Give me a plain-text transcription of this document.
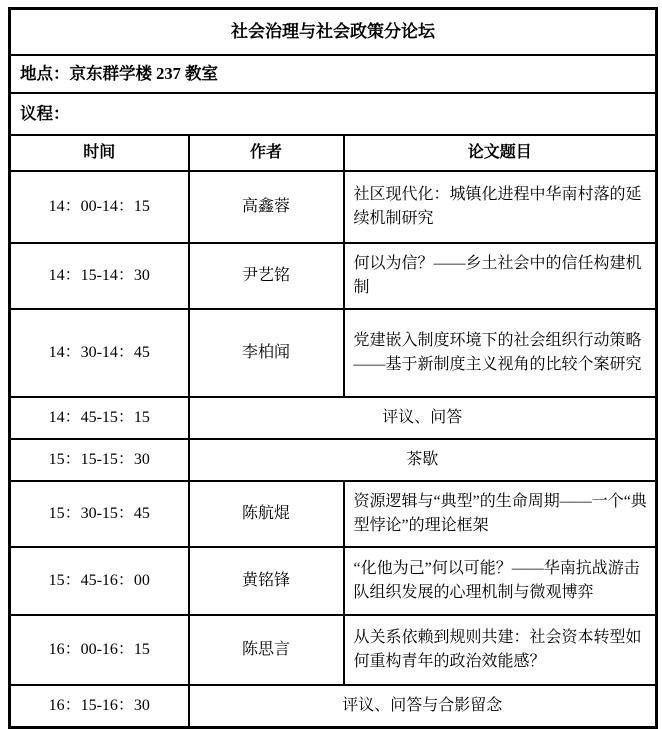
社会治理与社会政策分论坛		
地点：京东群学楼 237 教室		
议程：		
时间	作者	论文题目
14：00-14：15	高鑫蓉	社区现代化：城镇化进程中华南村落的延续机制研究
14：15-14：30	尹艺铭	何以为信？——乡土社会中的信任构建机制
14：30-14：45	李柏闻	党建嵌入制度环境下的社会组织行动策略——基于新制度主义视角的比较个案研究
14：45-15：15	评议、问答	
15：15-15：30	茶歇	
15：30-15：45	陈航焜	资源逻辑与“典型”的生命周期——一个“典型悖论”的理论框架
15：45-16：00	黄铭锋	“化他为己”何以可能？——华南抗战游击队组织发展的心理机制与微观博弈
16：00-16：15	陈思言	从关系依赖到规则共建：社会资本转型如何重构青年的政治效能感？
16：15-16：30	评议、问答与合影留念	
